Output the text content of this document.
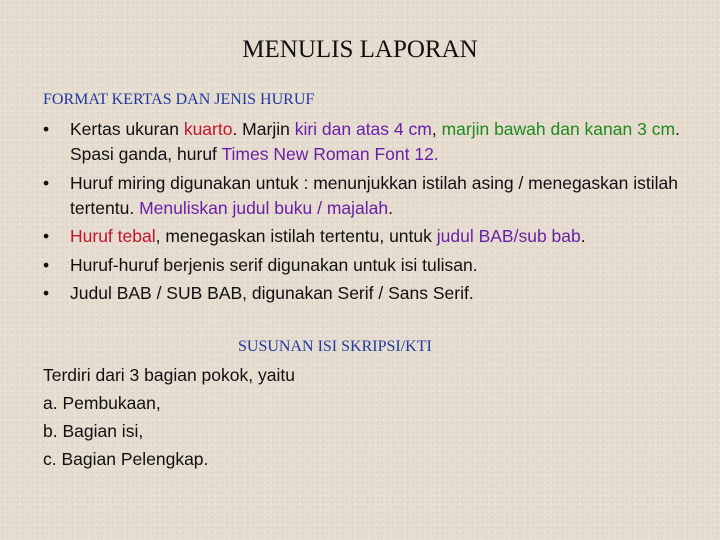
MENULIS LAPORAN
FORMAT KERTAS DAN JENIS HURUF
• Kertas ukuran kuarto. Marjin kiri dan atas 4 cm, marjin bawah dan kanan 3 cm. Spasi ganda, huruf Times New Roman Font 12.
• Huruf miring digunakan untuk : menunjukkan istilah asing / menegaskan istilah tertentu. Menuliskan judul buku / majalah.
• Huruf tebal, menegaskan istilah tertentu, untuk judul BAB/sub bab.
• Huruf-huruf berjenis serif digunakan untuk isi tulisan.
• Judul BAB / SUB BAB, digunakan Serif / Sans Serif.
SUSUNAN ISI SKRIPSI/KTI
Terdiri dari 3 bagian pokok, yaitu
a. Pembukaan,
b. Bagian isi,
c. Bagian Pelengkap.
